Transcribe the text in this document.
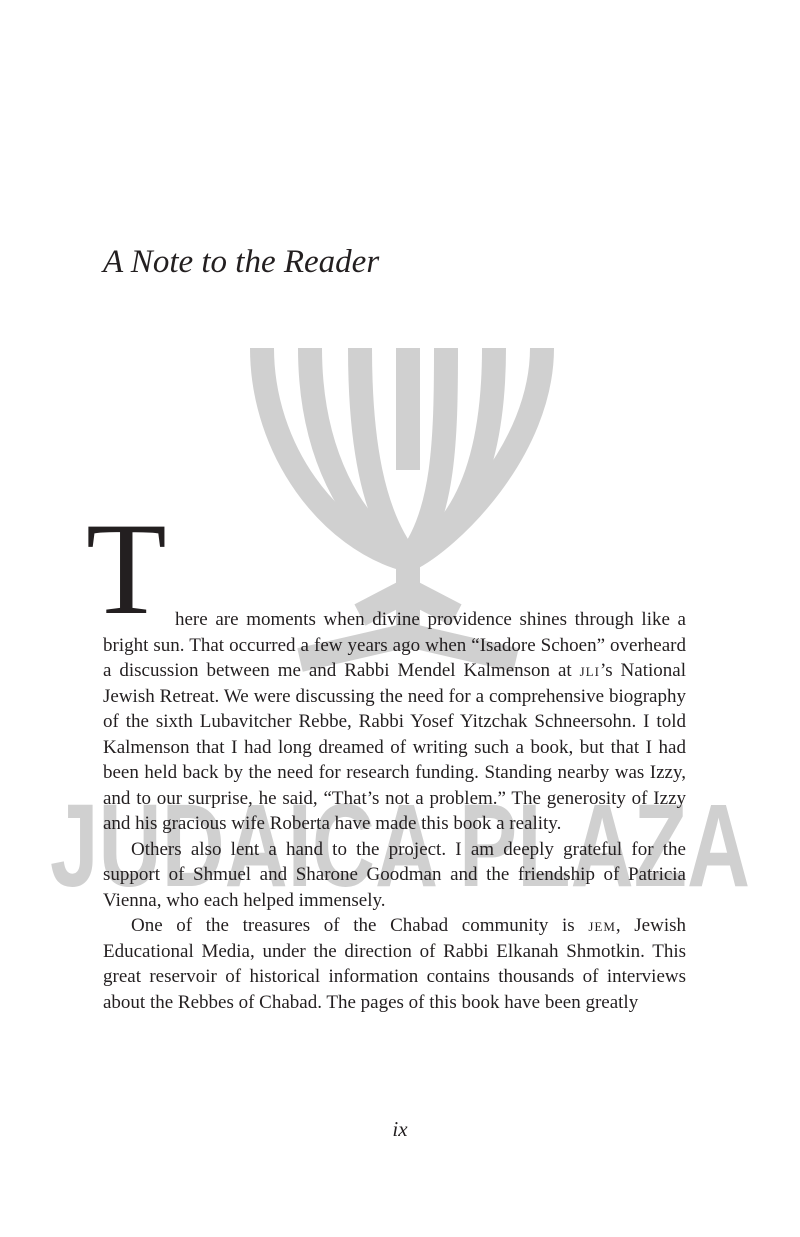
JUDAICA PLAZA
A Note to the Reader

T here are moments when divine providence shines through like a bright sun. That occurred a few years ago when “Isadore Schoen” overheard a discussion between me and Rabbi Mendel Kalmenson at jli’s National Jewish Retreat. We were discussing the need for a comprehensive biography of the sixth Lubavitcher Rebbe, Rabbi Yosef Yitzchak Schneersohn. I told Kalmenson that I had long dreamed of writing such a book, but that I had been held back by the need for research funding. Standing nearby was Izzy, and to our surprise, he said, “That’s not a problem.” The generosity of Izzy and his gracious wife Roberta have made this book a reality.

Others also lent a hand to the project. I am deeply grateful for the support of Shmuel and Sharone Goodman and the friendship of Patricia Vienna, who each helped immensely.

One of the treasures of the Chabad community is jem, Jewish Educational Media, under the direction of Rabbi Elkanah Shmotkin. This great reservoir of historical information contains thousands of interviews about the Rebbes of Chabad. The pages of this book have been greatly

ix
